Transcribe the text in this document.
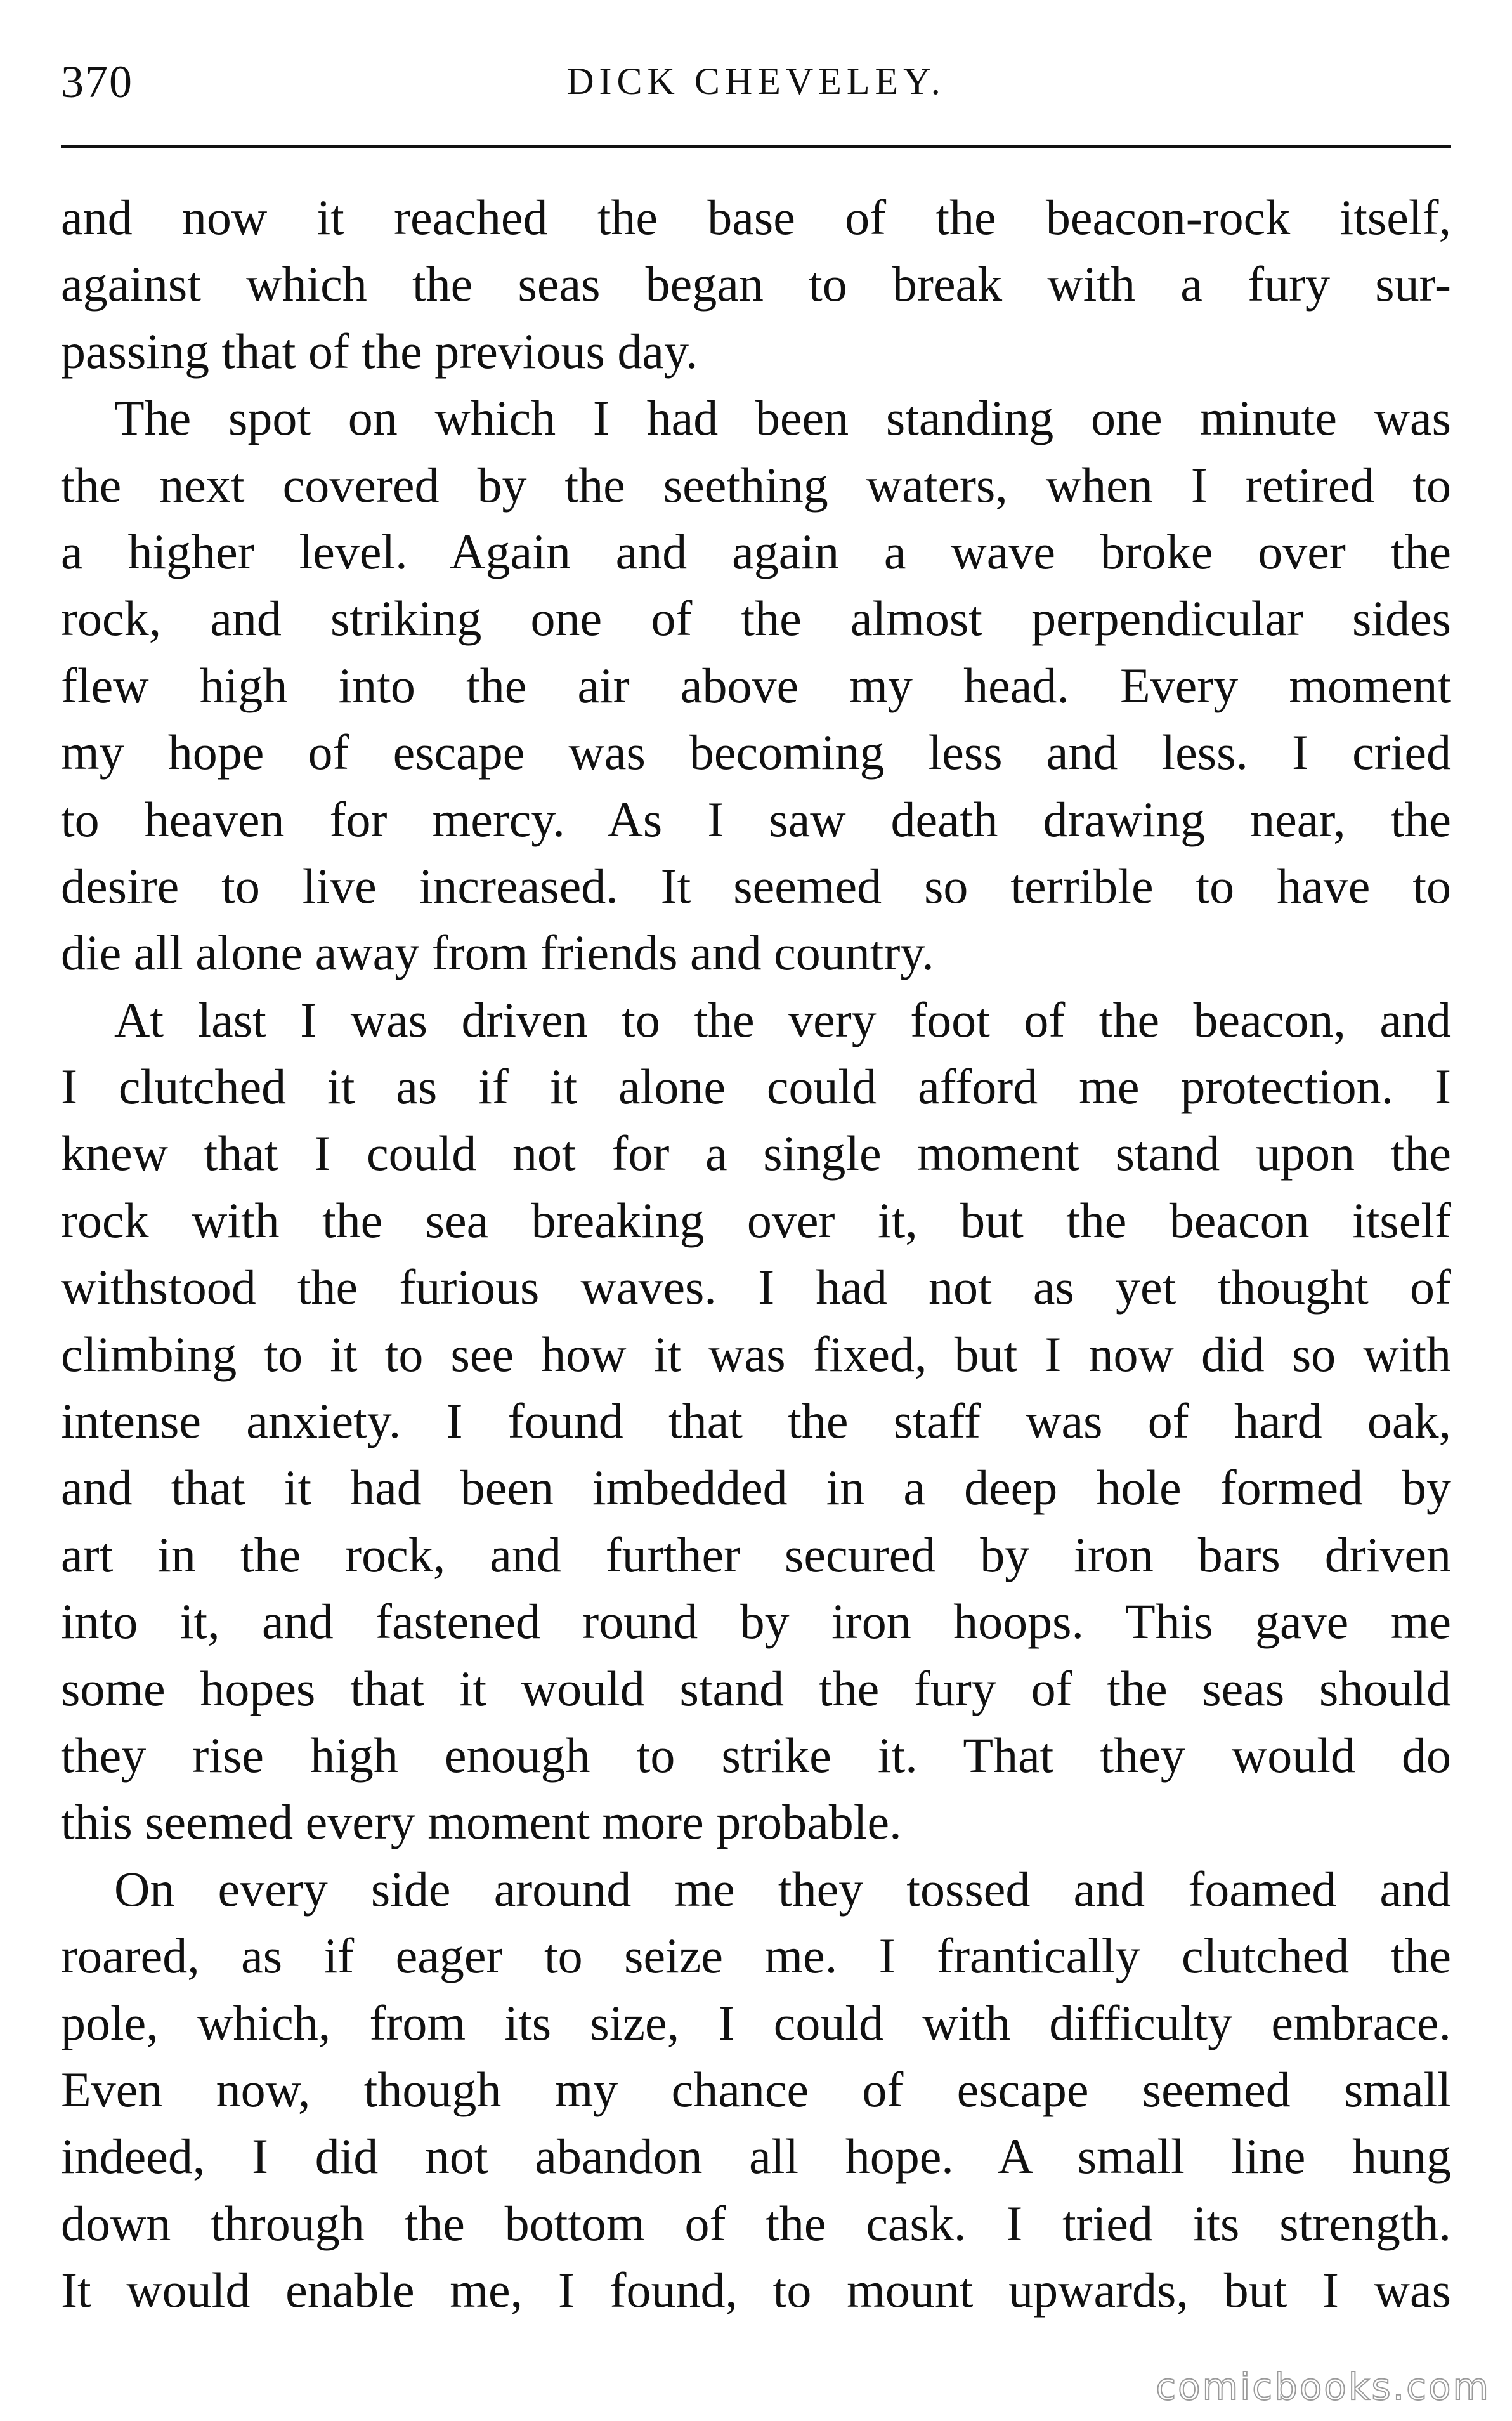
370	DICK CHEVELEY.
and now it reached the base of the beacon-rock itself,
against which the seas began to break with a fury sur-
passing that of the previous day.
The spot on which I had been standing one minute was
the next covered by the seething waters, when I retired to
a higher level. Again and again a wave broke over the
rock, and striking one of the almost perpendicular sides
flew high into the air above my head. Every moment
my hope of escape was becoming less and less. I cried
to heaven for mercy. As I saw death drawing near, the
desire to live increased. It seemed so terrible to have to
die all alone away from friends and country.
At last I was driven to the very foot of the beacon, and
I clutched it as if it alone could afford me protection. I
knew that I could not for a single moment stand upon the
rock with the sea breaking over it, but the beacon itself
withstood the furious waves. I had not as yet thought of
climbing to it to see how it was fixed, but I now did so with
intense anxiety. I found that the staff was of hard oak,
and that it had been imbedded in a deep hole formed by
art in the rock, and further secured by iron bars driven
into it, and fastened round by iron hoops. This gave me
some hopes that it would stand the fury of the seas should
they rise high enough to strike it. That they would do
this seemed every moment more probable.
On every side around me they tossed and foamed and
roared, as if eager to seize me. I frantically clutched the
pole, which, from its size, I could with difficulty embrace.
Even now, though my chance of escape seemed small
indeed, I did not abandon all hope. A small line hung
down through the bottom of the cask. I tried its strength.
It would enable me, I found, to mount upwards, but I was
comicbooks.com
